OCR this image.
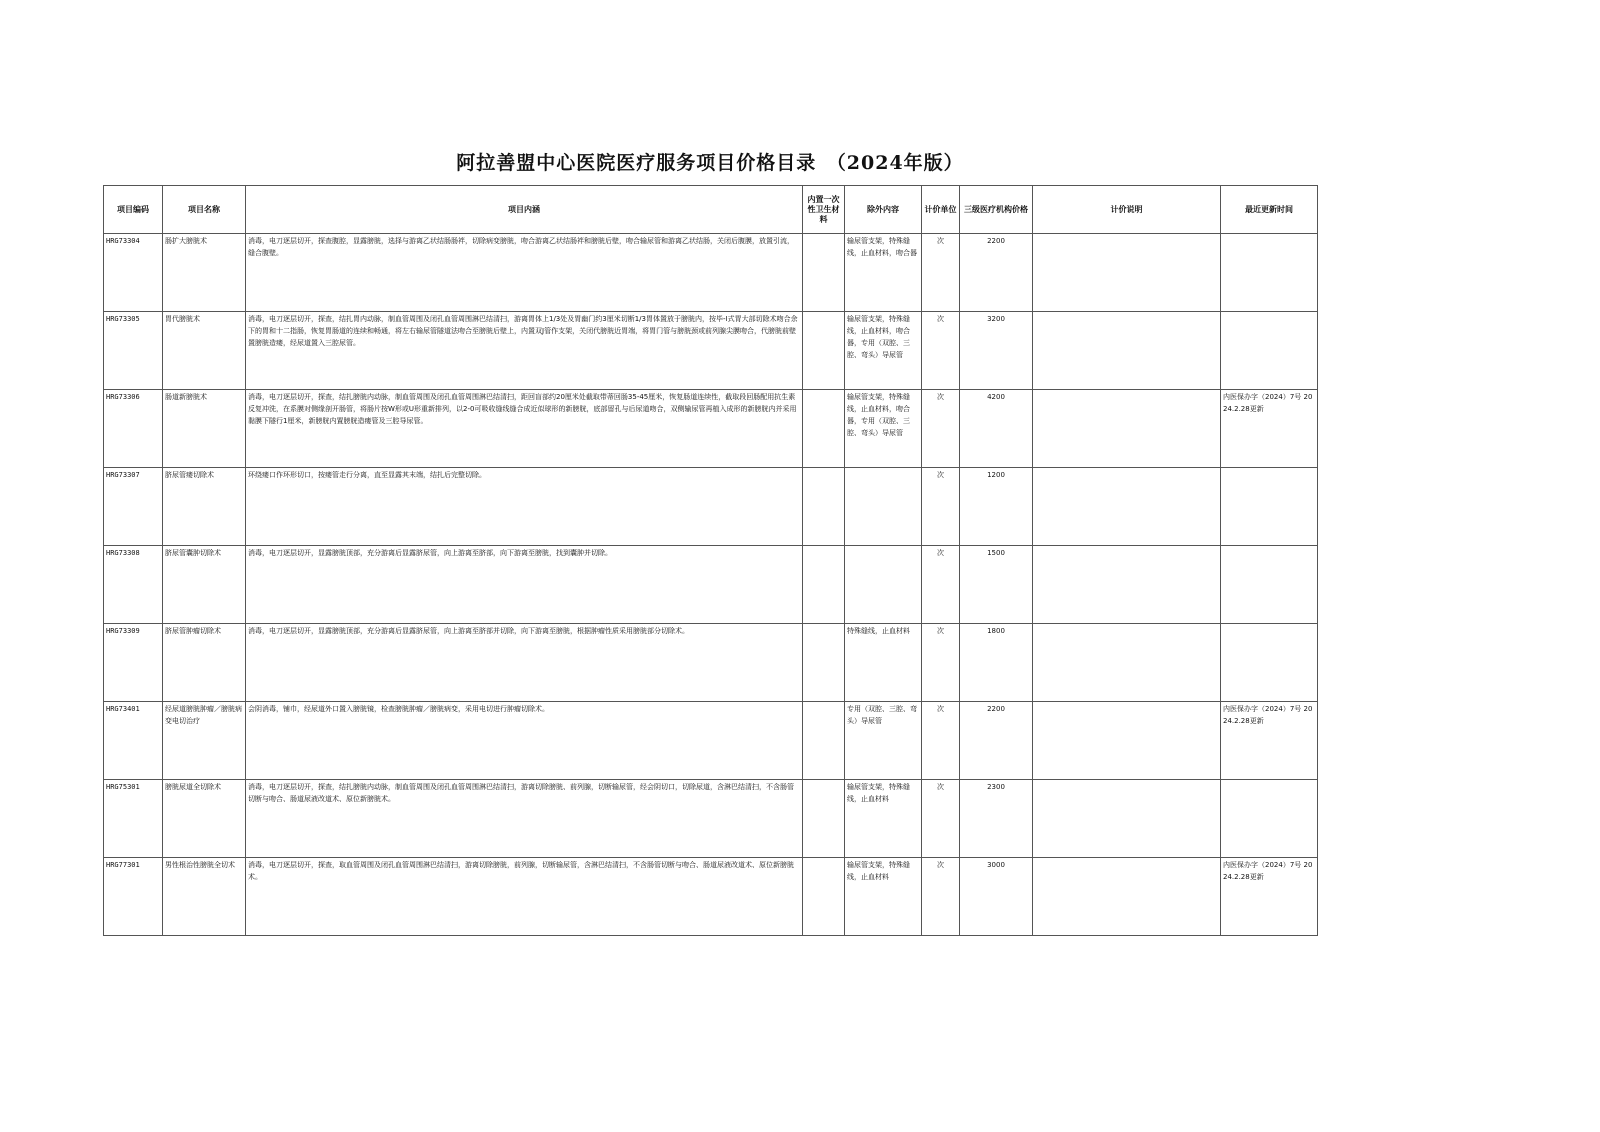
阿拉善盟中心医院医疗服务项目价格目录　（2024年版）
项目编码	项目名称	项目内涵	内置一次性卫生材料	除外内容	计价单位	三级医疗机构价格	计价说明	最近更新时间
HRG73304	肠扩大膀胱术	消毒，电刀逐层切开，探查腹腔，显露膀胱，选择与游离乙状结肠肠袢，切除病变膀胱，吻合游离乙状结肠袢和膀胱后壁，吻合输尿管和游离乙状结肠，关闭后腹膜，放置引流，缝合腹壁。		输尿管支架，特殊缝线，止血材料，吻合器	次	2200		
HRG73305	胃代膀胱术	消毒，电刀逐层切开，探查，结扎胃内动脉，制血管周围及闭孔血管周围淋巴结清扫，游离胃体上1/3处及胃幽门约3厘米切断1/3胃体置放于膀胱内，按毕-I式胃大部切除术吻合余下的胃和十二指肠，恢复胃肠道的连续和畅通，将左右输尿管隧道法吻合至膀胱后壁上，内置双J管作支架，关闭代膀胱近胃端，将胃门管与膀胱颈或前列腺尖膜吻合，代膀胱前壁置膀胱造瘘，经尿道置入三腔尿管。		输尿管支架，特殊缝线，止血材料，吻合器，专用（双腔、三腔、弯头）导尿管	次	3200		
HRG73306	肠道新膀胱术	消毒，电刀逐层切开，探查，结扎膀胱内动脉，制血管周围及闭孔血管周围淋巴结清扫，距回盲部约20厘米处截取带蒂回肠35-45厘米，恢复肠道连续性，截取段回肠配用抗生素反复冲洗，在系膜对侧缘剖开肠管，将肠片按W形或U形重新排列，以2-0可吸收缝线缝合成近似球形的新膀胱，底部留孔与后尿道吻合，双侧输尿管再植入成形的新膀胱内并采用黏膜下隧行1厘米，新膀胱内置膀胱造瘘管及三腔导尿管。		输尿管支架，特殊缝线，止血材料，吻合器，专用（双腔、三腔、弯头）导尿管	次	4200		内医保办字（2024）7号 2024.2.28更新
HRG73307	脐尿管瘘切除术	环绕瘘口作环形切口，按瘘管走行分离，直至显露其末端，结扎后完整切除。			次	1200		
HRG73308	脐尿管囊肿切除术	消毒，电刀逐层切开，显露膀胱顶部，充分游离后显露脐尿管，向上游离至脐部，向下游离至膀胱，找到囊肿并切除。			次	1500		
HRG73309	脐尿管肿瘤切除术	消毒，电刀逐层切开，显露膀胱顶部，充分游离后显露脐尿管，向上游离至脐部并切除，向下游离至膀胱，根据肿瘤性质采用膀胱部分切除术。		特殊缝线，止血材料	次	1800		
HRG73401	经尿道膀胱肿瘤／膀胱病变电切治疗	会阴消毒，铺巾，经尿道外口置入膀胱镜，检查膀胱肿瘤／膀胱病变，采用电切进行肿瘤切除术。		专用（双腔、三腔、弯头）导尿管	次	2200		内医保办字（2024）7号 2024.2.28更新
HRG75301	膀胱尿道全切除术	消毒，电刀逐层切开，探查，结扎膀胱内动脉，制血管周围及闭孔血管周围淋巴结清扫，游离切除膀胱、前列腺，切断输尿管，经会阴切口，切除尿道，含淋巴结清扫，不含肠管切断与吻合、肠道尿液改道术、原位新膀胱术。		输尿管支架，特殊缝线，止血材料	次	2300		
HRG77301	男性根治性膀胱全切术	消毒，电刀逐层切开，探查，取血管周围及闭孔血管周围淋巴结清扫，游离切除膀胱，前列腺，切断输尿管，含淋巴结清扫，不含肠管切断与吻合、肠道尿液改道术、原位新膀胱术。		输尿管支架，特殊缝线，止血材料	次	3000		内医保办字（2024）7号 2024.2.28更新
